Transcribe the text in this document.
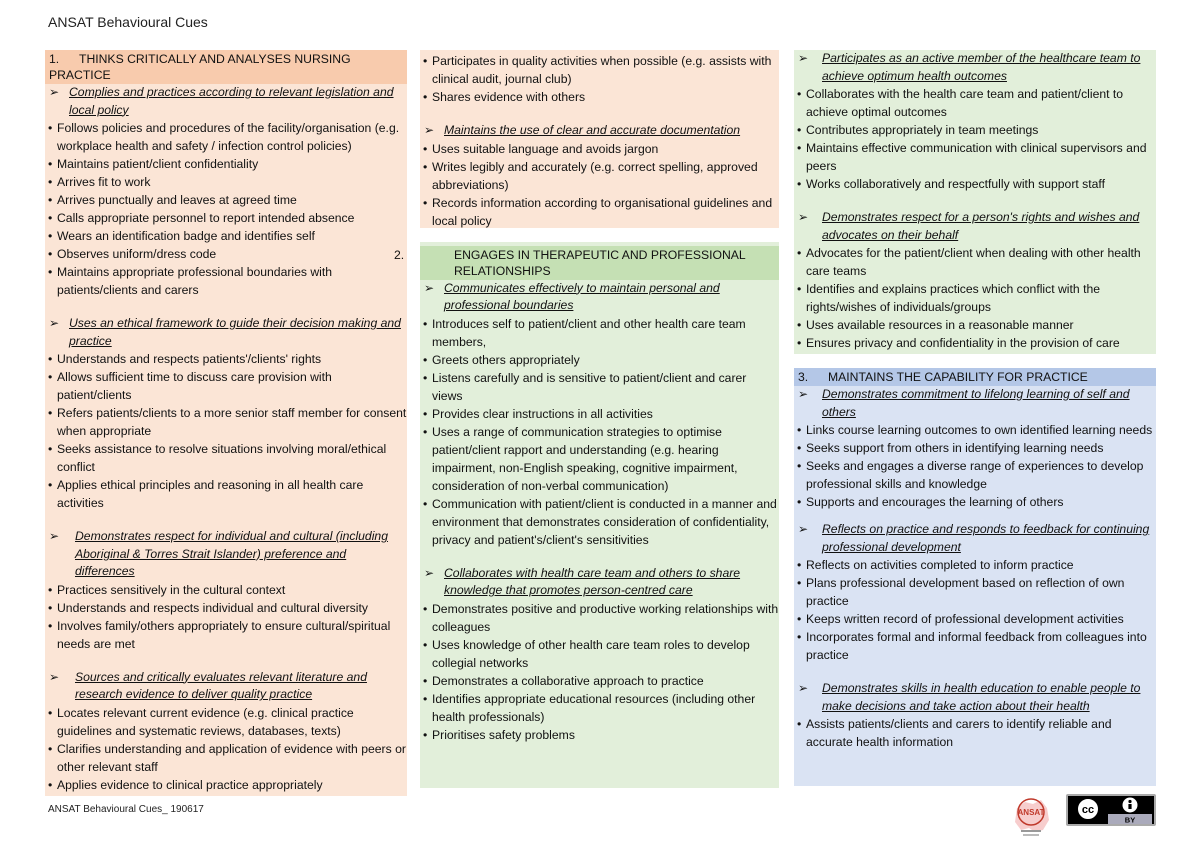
ANSAT Behavioural Cues
1. THINKS CRITICALLY AND ANALYSES NURSING PRACTICE
➢ Complies and practices according to relevant legislation and local policy
• Follows policies and procedures of the facility/organisation (e.g. workplace health and safety / infection control policies)
• Maintains patient/client confidentiality
• Arrives fit to work
• Arrives punctually and leaves at agreed time
• Calls appropriate personnel to report intended absence
• Wears an identification badge and identifies self
• Observes uniform/dress code
• Maintains appropriate professional boundaries with patients/clients and carers
➢ Uses an ethical framework to guide their decision making and practice
• Understands and respects patients'/clients' rights
• Allows sufficient time to discuss care provision with patient/clients
• Refers patients/clients to a more senior staff member for consent when appropriate
• Seeks assistance to resolve situations involving moral/ethical conflict
• Applies ethical principles and reasoning in all health care activities
➢ Demonstrates respect for individual and cultural (including Aboriginal & Torres Strait Islander) preference and differences
• Practices sensitively in the cultural context
• Understands and respects individual and cultural diversity
• Involves family/others appropriately to ensure cultural/spiritual needs are met
➢ Sources and critically evaluates relevant literature and research evidence to deliver quality practice
• Locates relevant current evidence (e.g. clinical practice guidelines and systematic reviews, databases, texts)
• Clarifies understanding and application of evidence with peers or other relevant staff
• Applies evidence to clinical practice appropriately
• Participates in quality activities when possible (e.g. assists with clinical audit, journal club)
• Shares evidence with others
➢ Maintains the use of clear and accurate documentation
• Uses suitable language and avoids jargon
• Writes legibly and accurately (e.g. correct spelling, approved abbreviations)
• Records information according to organisational guidelines and local policy
2.	ENGAGES IN THERAPEUTIC AND PROFESSIONAL RELATIONSHIPS
➢ Communicates effectively to maintain personal and professional boundaries
• Introduces self to patient/client and other health care team members,
• Greets others appropriately
• Listens carefully and is sensitive to patient/client and carer views
• Provides clear instructions in all activities
• Uses a range of communication strategies to optimise patient/client rapport and understanding (e.g. hearing impairment, non-English speaking, cognitive impairment, consideration of non-verbal communication)
• Communication with patient/client is conducted in a manner and environment that demonstrates consideration of confidentiality, privacy and patient's/client's sensitivities
➢ Collaborates with health care team and others to share knowledge that promotes person-centred care
• Demonstrates positive and productive working relationships with colleagues
• Uses knowledge of other health care team roles to develop collegial networks
• Demonstrates a collaborative approach to practice
• Identifies appropriate educational resources (including other health professionals)
• Prioritises safety problems
➢ Participates as an active member of the healthcare team to achieve optimum health outcomes
• Collaborates with the health care team and patient/client to achieve optimal outcomes
• Contributes appropriately in team meetings
• Maintains effective communication with clinical supervisors and peers
• Works collaboratively and respectfully with support staff
➢ Demonstrates respect for a person's rights and wishes and advocates on their behalf
• Advocates for the patient/client when dealing with other health care teams
• Identifies and explains practices which conflict with the rights/wishes of individuals/groups
• Uses available resources in a reasonable manner
• Ensures privacy and confidentiality in the provision of care
3. MAINTAINS THE CAPABILITY FOR PRACTICE
➢ Demonstrates commitment to lifelong learning of self and others
• Links course learning outcomes to own identified learning needs
• Seeks support from others in identifying learning needs
• Seeks and engages a diverse range of experiences to develop professional skills and knowledge
• Supports and encourages the learning of others
➢ Reflects on practice and responds to feedback for continuing professional development
• Reflects on activities completed to inform practice
• Plans professional development based on reflection of own practice
• Keeps written record of professional development activities
• Incorporates formal and informal feedback from colleagues into practice
➢ Demonstrates skills in health education to enable people to make decisions and take action about their health
• Assists patients/clients and carers to identify reliable and accurate health information
ANSAT Behavioural Cues_ 190617	ANSAT	cc
BY
